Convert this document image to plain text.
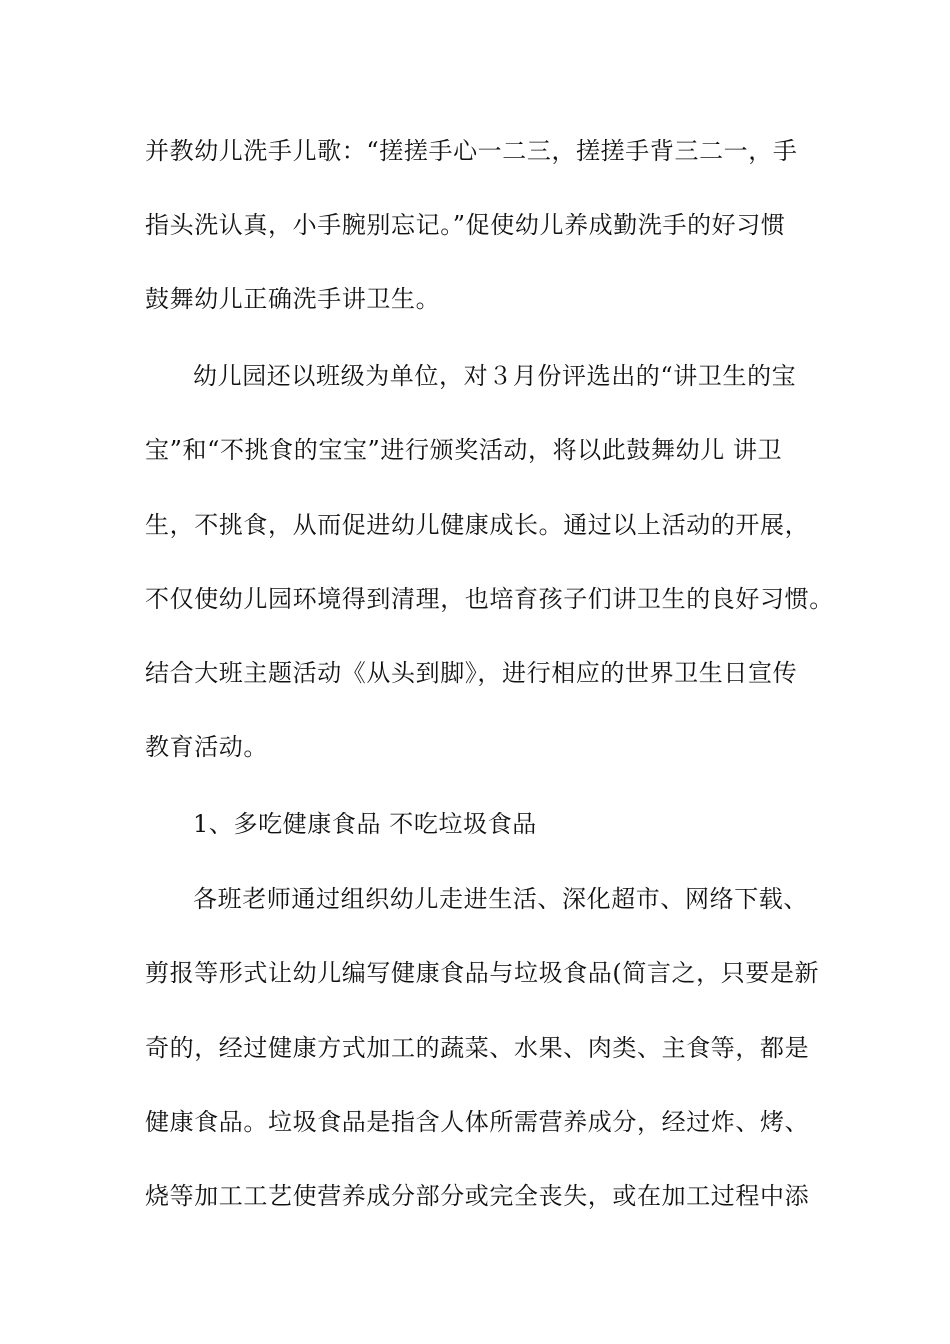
并教幼儿洗手儿歌：“搓搓手心一二三，搓搓手背三二一，手
指头洗认真，小手腕别忘记。”促使幼儿养成勤洗手的好习惯
鼓舞幼儿正确洗手讲卫生。
幼儿园还以班级为单位，对３月份评选出的“讲卫生的宝
宝”和“不挑食的宝宝”进行颁奖活动，将以此鼓舞幼儿 讲卫
生，不挑食，从而促进幼儿健康成长。通过以上活动的开展，
不仅使幼儿园环境得到清理，也培育孩子们讲卫生的良好习惯。
结合大班主题活动《从头到脚》，进行相应的世界卫生日宣传
教育活动。
1、多吃健康食品 不吃垃圾食品
各班老师通过组织幼儿走进生活、深化超市、网络下载、
剪报等形式让幼儿编写健康食品与垃圾食品(简言之，只要是新
奇的，经过健康方式加工的蔬菜、水果、肉类、主食等，都是
健康食品。垃圾食品是指含人体所需营养成分，经过炸、烤、
烧等加工工艺使营养成分部分或完全丧失，或在加工过程中添
